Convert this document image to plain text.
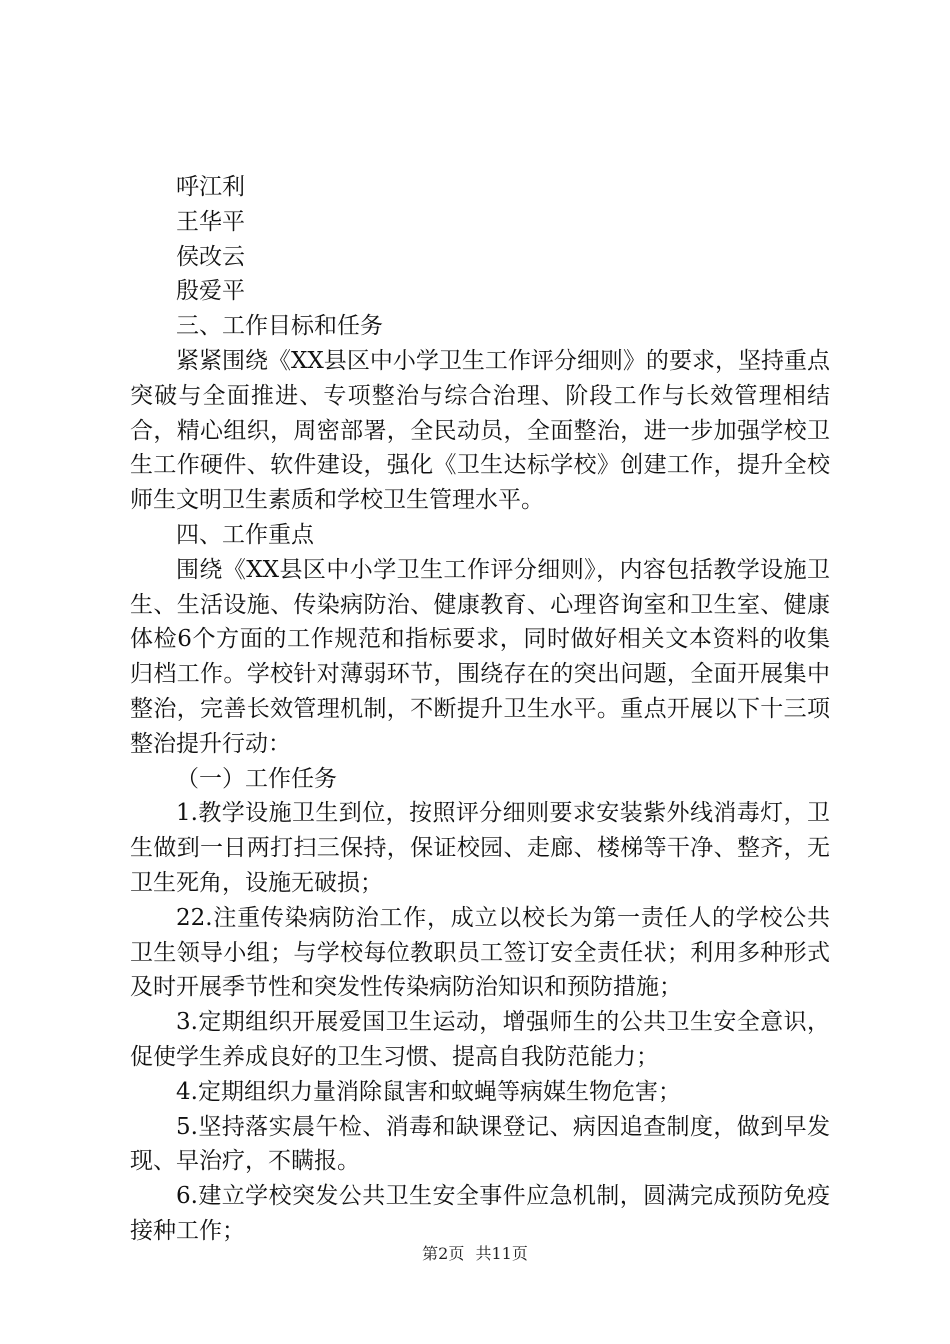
呼江利

王华平

侯改云

殷爱平

三、工作目标和任务

紧紧围绕《XX县区中小学卫生工作评分细则》的要求，坚持重点突破与全面推进、专项整治与综合治理、阶段工作与长效管理相结合，精心组织，周密部署，全民动员，全面整治，进一步加强学校卫生工作硬件、软件建设，强化《卫生达标学校》创建工作，提升全校师生文明卫生素质和学校卫生管理水平。

四、工作重点

围绕《XX县区中小学卫生工作评分细则》，内容包括教学设施卫生、生活设施、传染病防治、健康教育、心理咨询室和卫生室、健康体检6个方面的工作规范和指标要求，同时做好相关文本资料的收集归档工作。学校针对薄弱环节，围绕存在的突出问题，全面开展集中整治，完善长效管理机制，不断提升卫生水平。重点开展以下十三项整治提升行动：

（一）工作任务

1.教学设施卫生到位，按照评分细则要求安装紫外线消毒灯，卫生做到一日两打扫三保持，保证校园、走廊、楼梯等干净、整齐，无卫生死角，设施无破损；

22.注重传染病防治工作，成立以校长为第一责任人的学校公共卫生领导小组；与学校每位教职员工签订安全责任状；利用多种形式及时开展季节性和突发性传染病防治知识和预防措施；

3.定期组织开展爱国卫生运动，增强师生的公共卫生安全意识，促使学生养成良好的卫生习惯、提高自我防范能力；

4.定期组织力量消除鼠害和蚊蝇等病媒生物危害；

5.坚持落实晨午检、消毒和缺课登记、病因追查制度，做到早发现、早治疗，不瞒报。

6.建立学校突发公共卫生安全事件应急机制，圆满完成预防免疫接种工作；

第2页 共11页
